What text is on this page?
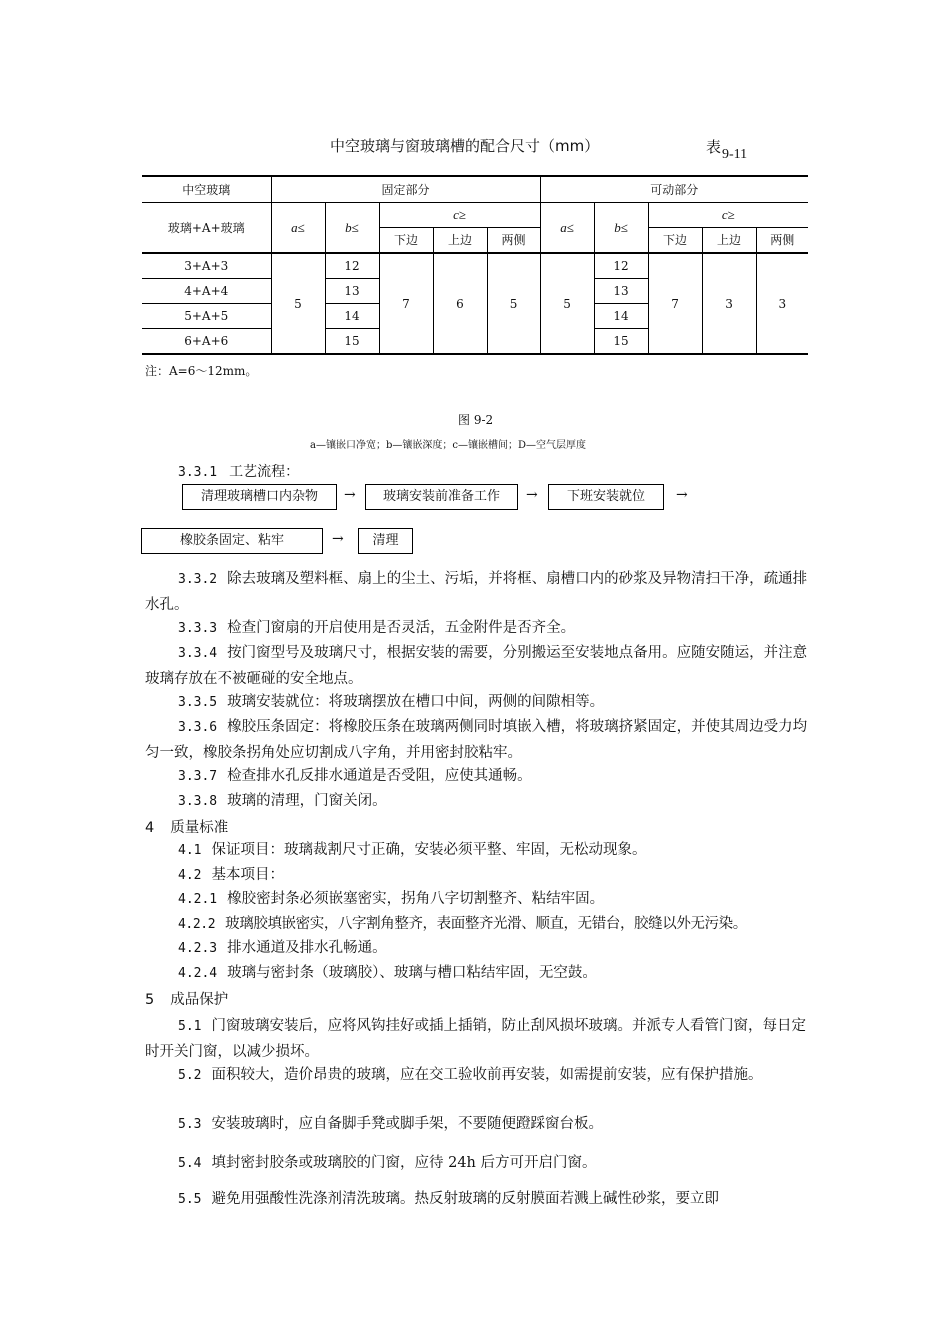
中空玻璃与窗玻璃槽的配合尺寸（mm）	表9-11
中空玻璃	固定部分					可动部分				
玻璃+A+玻璃	a≤	b≤	c≥			a≤	b≤	c≥		
			下边	上边	两侧			下边	上边	两侧
3+A+3	5	12	7	6	5	5	12	7	3	3
4+A+4		13					13			
5+A+5		14					14			
6+A+6		15					15			
注：A=6～12mm。
图 9-2
a—镶嵌口净宽；b—镶嵌深度；c—镶嵌槽间；D—空气层厚度
3.3.1 工艺流程：
清理玻璃槽口内杂物	→	玻璃安装前准备工作	→	下班安装就位	→
橡胶条固定、粘牢	→	清理
3.3.2 除去玻璃及塑料框、扇上的尘土、污垢，并将框、扇槽口内的砂浆及异物清扫干净，疏通排水孔。
3.3.3 检查门窗扇的开启使用是否灵活，五金附件是否齐全。
3.3.4 按门窗型号及玻璃尺寸，根据安装的需要，分别搬运至安装地点备用。应随安随运，并注意玻璃存放在不被砸碰的安全地点。
3.3.5 玻璃安装就位：将玻璃摆放在槽口中间，两侧的间隙相等。
3.3.6 橡胶压条固定：将橡胶压条在玻璃两侧同时填嵌入槽，将玻璃挤紧固定，并使其周边受力均匀一致，橡胶条拐角处应切割成八字角，并用密封胶粘牢。
3.3.7 检查排水孔反排水通道是否受阻，应使其通畅。
3.3.8 玻璃的清理，门窗关闭。
4 质量标准
4.1 保证项目：玻璃裁割尺寸正确，安装必须平整、牢固，无松动现象。
4.2 基本项目：
4.2.1 橡胶密封条必须嵌塞密实，拐角八字切割整齐、粘结牢固。
4.2.2 玻璃胶填嵌密实，八字割角整齐，表面整齐光滑、顺直，无错台，胶缝以外无污染。
4.2.3 排水通道及排水孔畅通。
4.2.4 玻璃与密封条（玻璃胶）、玻璃与槽口粘结牢固，无空鼓。
5 成品保护
5.1 门窗玻璃安装后，应将风钩挂好或插上插销，防止刮风损坏玻璃。并派专人看管门窗，每日定时开关门窗，以减少损坏。
5.2 面积较大，造价昂贵的玻璃，应在交工验收前再安装，如需提前安装，应有保护措施。
5.3 安装玻璃时，应自备脚手凳或脚手架，不要随便蹬踩窗台板。
5.4 填封密封胶条或玻璃胶的门窗，应待 24h 后方可开启门窗。
5.5 避免用强酸性洗涤剂清洗玻璃。热反射玻璃的反射膜面若溅上碱性砂浆，要立即
